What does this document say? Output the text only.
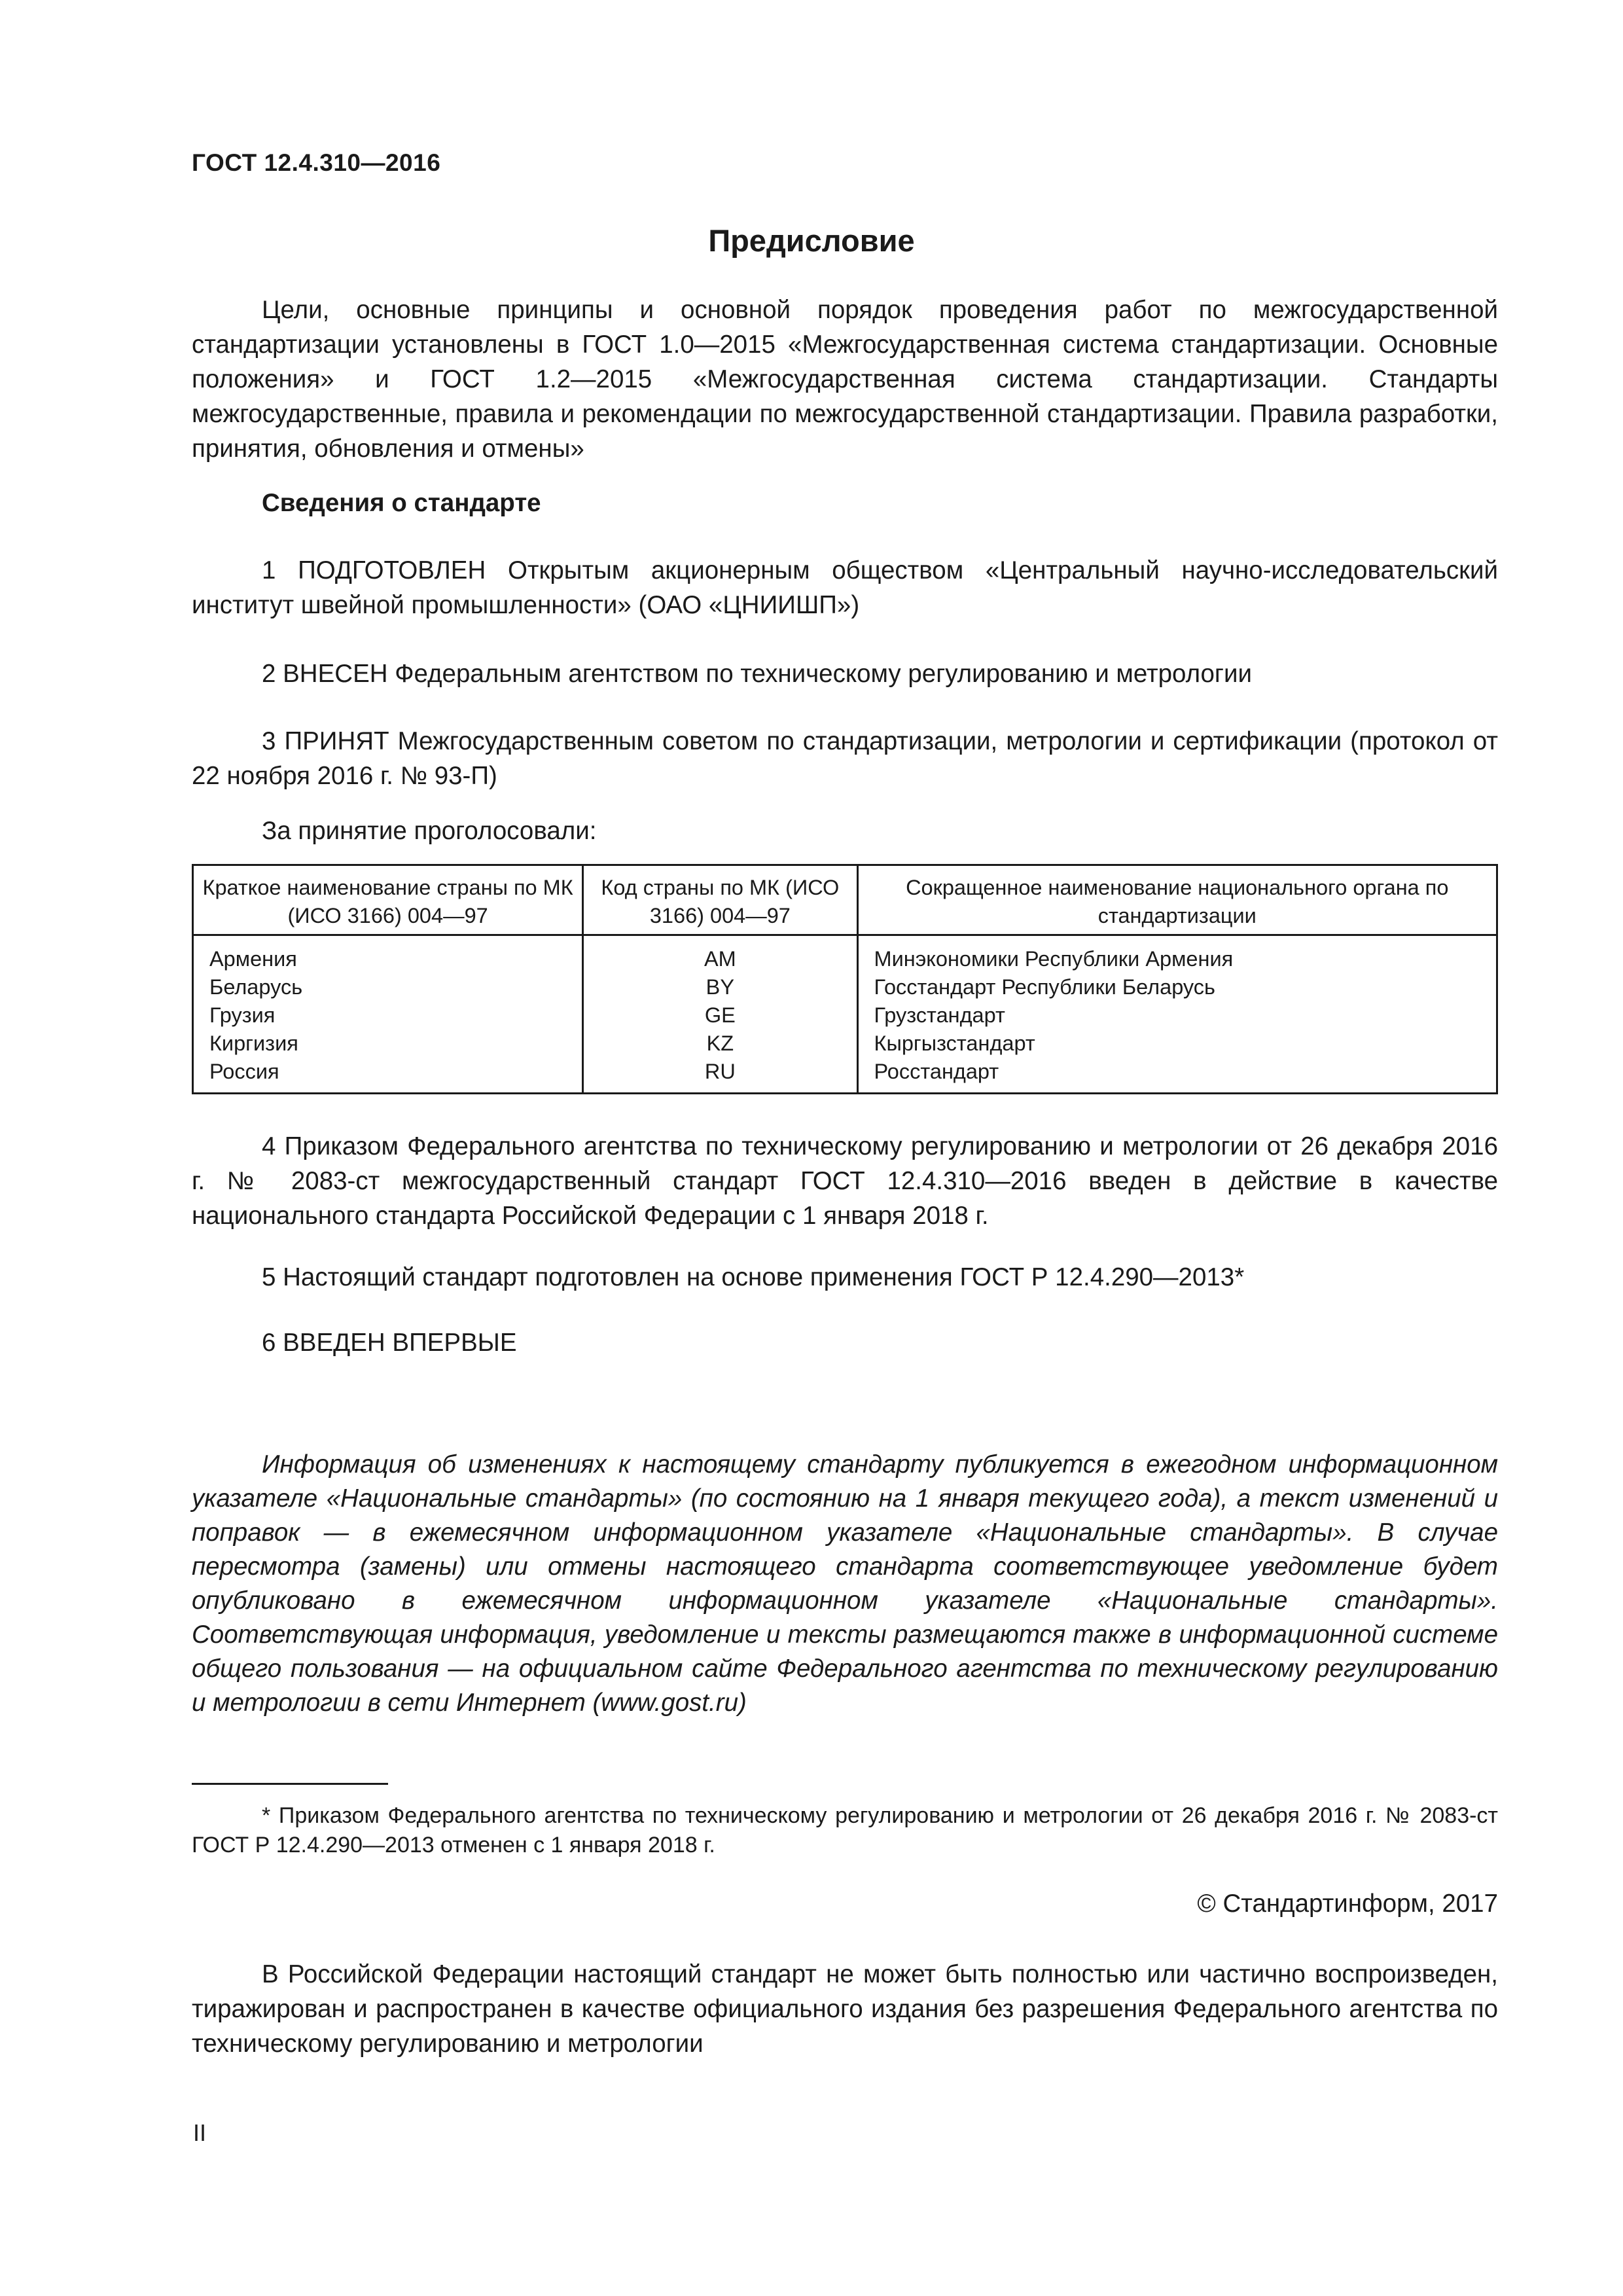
ГОСТ 12.4.310—2016
Предисловие
Цели, основные принципы и основной порядок проведения работ по межгосударственной стандартизации установлены в ГОСТ 1.0—2015 «Межгосударственная система стандартизации. Основные положения» и ГОСТ 1.2—2015 «Межгосударственная система стандартизации. Стандарты межгосударственные, правила и рекомендации по межгосударственной стандартизации. Правила разработки, принятия, обновления и отмены»
Сведения о стандарте
1 ПОДГОТОВЛЕН Открытым акционерным обществом «Центральный научно-исследовательский институт швейной промышленности» (ОАО «ЦНИИШП»)
2 ВНЕСЕН Федеральным агентством по техническому регулированию и метрологии
3 ПРИНЯТ Межгосударственным советом по стандартизации, метрологии и сертификации (протокол от 22 ноября 2016 г. № 93-П)
За принятие проголосовали:
Краткое наименование страны по МК (ИСО 3166) 004—97	Код страны по МК (ИСО 3166) 004—97	Сокращенное наименование национального органа по стандартизации
Армения	AM	Минэкономики Республики Армения
Беларусь	BY	Госстандарт Республики Беларусь
Грузия	GE	Грузстандарт
Киргизия	KZ	Кыргызстандарт
Россия	RU	Росстандарт
4 Приказом Федерального агентства по техническому регулированию и метрологии от 26 декабря 2016 г. № 2083-ст межгосударственный стандарт ГОСТ 12.4.310—2016 введен в действие в качестве национального стандарта Российской Федерации с 1 января 2018 г.
5 Настоящий стандарт подготовлен на основе применения ГОСТ Р 12.4.290—2013*
6 ВВЕДЕН ВПЕРВЫЕ
Информация об изменениях к настоящему стандарту публикуется в ежегодном информационном указателе «Национальные стандарты» (по состоянию на 1 января текущего года), а текст изменений и поправок — в ежемесячном информационном указателе «Национальные стандарты». В случае пересмотра (замены) или отмены настоящего стандарта соответствующее уведомление будет опубликовано в ежемесячном информационном указателе «Национальные стандарты». Соответствующая информация, уведомление и тексты размещаются также в информационной системе общего пользования — на официальном сайте Федерального агентства по техническому регулированию и метрологии в сети Интернет (www.gost.ru)
* Приказом Федерального агентства по техническому регулированию и метрологии от 26 декабря 2016 г. № 2083-ст ГОСТ Р 12.4.290—2013 отменен с 1 января 2018 г.
© Стандартинформ, 2017
В Российской Федерации настоящий стандарт не может быть полностью или частично воспроизведен, тиражирован и распространен в качестве официального издания без разрешения Федерального агентства по техническому регулированию и метрологии
II
